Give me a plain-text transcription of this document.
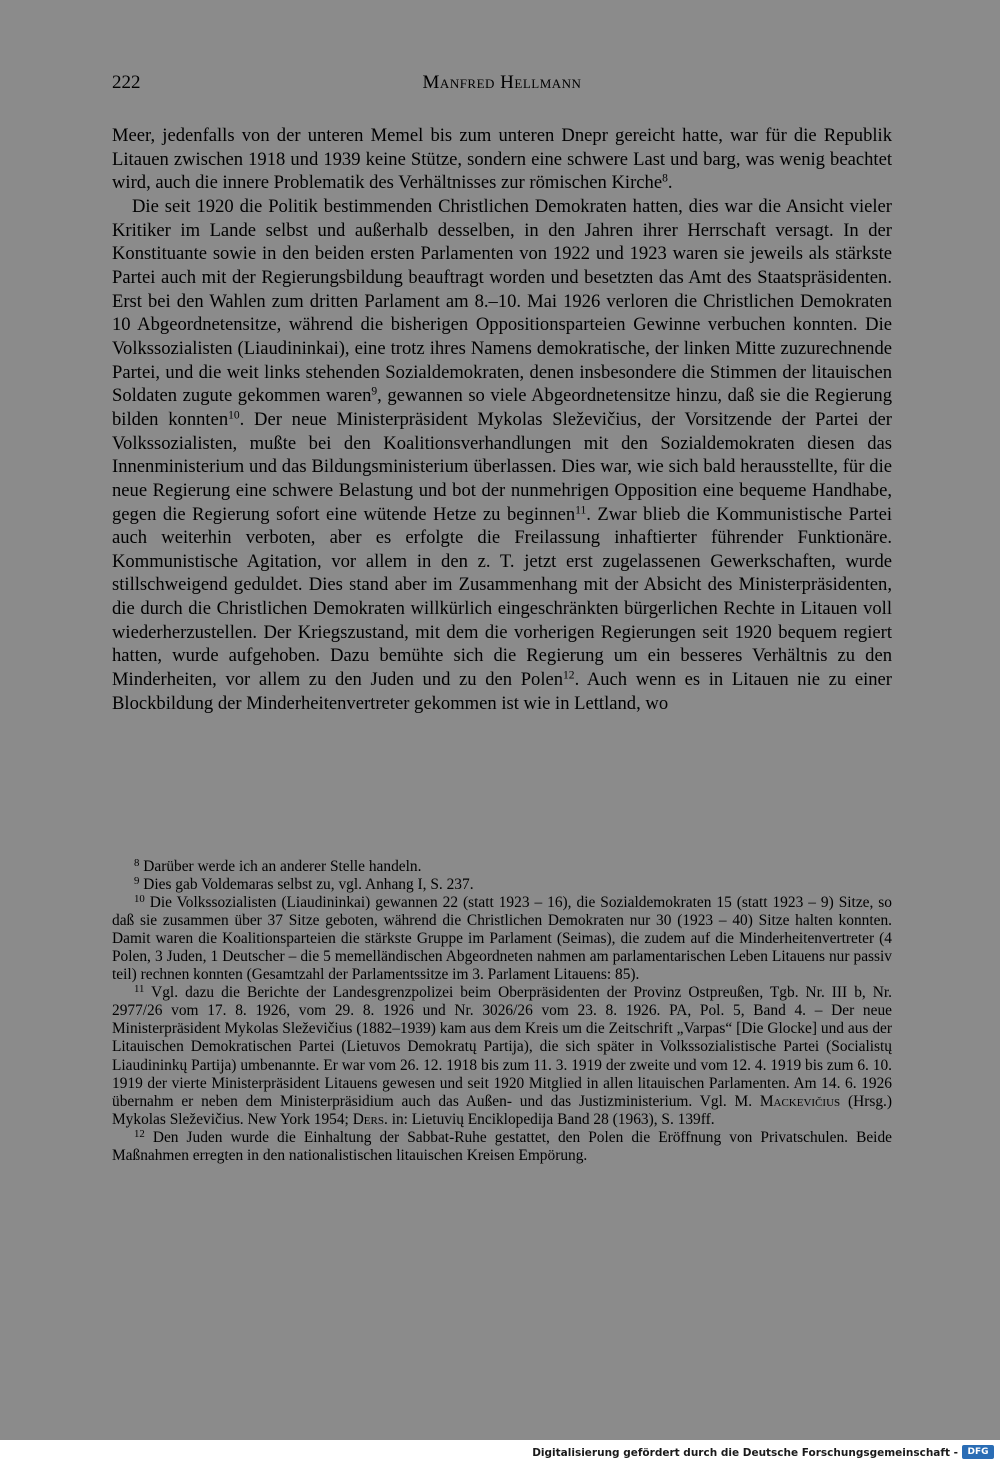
222	Manfred Hellmann

Meer, jedenfalls von der unteren Memel bis zum unteren Dnepr gereicht hatte, war für die Republik Litauen zwischen 1918 und 1939 keine Stütze, sondern eine schwere Last und barg, was wenig beachtet wird, auch die innere Problematik des Verhältnisses zur römischen Kirche$^8$.

Die seit 1920 die Politik bestimmenden Christlichen Demokraten hatten, dies war die Ansicht vieler Kritiker im Lande selbst und außerhalb desselben, in den Jahren ihrer Herrschaft versagt. In der Konstituante sowie in den beiden ersten Parlamenten von 1922 und 1923 waren sie jeweils als stärkste Partei auch mit der Regierungsbildung beauftragt worden und besetzten das Amt des Staatspräsidenten. Erst bei den Wahlen zum dritten Parlament am 8.–10. Mai 1926 verloren die Christlichen Demokraten 10 Abgeordnetensitze, während die bisherigen Oppositionsparteien Gewinne verbuchen konnten. Die Volkssozialisten (Liaudininkai), eine trotz ihres Namens demokratische, der linken Mitte zuzurechnende Partei, und die weit links stehenden Sozialdemokraten, denen insbesondere die Stimmen der litauischen Soldaten zugute gekommen waren$^9$, gewannen so viele Abgeordnetensitze hinzu, daß sie die Regierung bilden konnten$^{10}$. Der neue Ministerpräsident Mykolas Sleževičius, der Vorsitzende der Partei der Volkssozialisten, mußte bei den Koalitionsverhandlungen mit den Sozialdemokraten diesen das Innenministerium und das Bildungsministerium überlassen. Dies war, wie sich bald herausstellte, für die neue Regierung eine schwere Belastung und bot der nunmehrigen Opposition eine bequeme Handhabe, gegen die Regierung sofort eine wütende Hetze zu beginnen$^{11}$. Zwar blieb die Kommunistische Partei auch weiterhin verboten, aber es erfolgte die Freilassung inhaftierter führender Funktionäre. Kommunistische Agitation, vor allem in den z. T. jetzt erst zugelassenen Gewerkschaften, wurde stillschweigend geduldet. Dies stand aber im Zusammenhang mit der Absicht des Ministerpräsidenten, die durch die Christlichen Demokraten willkürlich eingeschränkten bürgerlichen Rechte in Litauen voll wiederherzustellen. Der Kriegszustand, mit dem die vorherigen Regierungen seit 1920 bequem regiert hatten, wurde aufgehoben. Dazu bemühte sich die Regierung um ein besseres Verhältnis zu den Minderheiten, vor allem zu den Juden und zu den Polen$^{12}$. Auch wenn es in Litauen nie zu einer Blockbildung der Minderheitenvertreter gekommen ist wie in Lettland, wo

$^8$ Darüber werde ich an anderer Stelle handeln.

$^9$ Dies gab Voldemaras selbst zu, vgl. Anhang I, S. 237.

$^{10}$ Die Volkssozialisten (Liaudininkai) gewannen 22 (statt 1923 – 16), die Sozialdemokraten 15 (statt 1923 – 9) Sitze, so daß sie zusammen über 37 Sitze geboten, während die Christlichen Demokraten nur 30 (1923 – 40) Sitze halten konnten. Damit waren die Koalitionsparteien die stärkste Gruppe im Parlament (Seimas), die zudem auf die Minderheitenvertreter (4 Polen, 3 Juden, 1 Deutscher – die 5 memelländischen Abgeordneten nahmen am parlamentarischen Leben Litauens nur passiv teil) rechnen konnten (Gesamtzahl der Parlamentssitze im 3. Parlament Litauens: 85).

$^{11}$ Vgl. dazu die Berichte der Landesgrenzpolizei beim Oberpräsidenten der Provinz Ostpreußen, Tgb. Nr. III b, Nr. 2977/26 vom 17. 8. 1926, vom 29. 8. 1926 und Nr. 3026/26 vom 23. 8. 1926. PA, Pol. 5, Band 4. – Der neue Ministerpräsident Mykolas Sleževičius (1882–1939) kam aus dem Kreis um die Zeitschrift „Varpas“ [Die Glocke] und aus der Litauischen Demokratischen Partei (Lietuvos Demokratų Partija), die sich später in Volkssozialistische Partei (Socialistų Liaudininkų Partija) umbenannte. Er war vom 26. 12. 1918 bis zum 11. 3. 1919 der zweite und vom 12. 4. 1919 bis zum 6. 10. 1919 der vierte Ministerpräsident Litauens gewesen und seit 1920 Mitglied in allen litauischen Parlamenten. Am 14. 6. 1926 übernahm er neben dem Ministerpräsidium auch das Außen- und das Justizministerium. Vgl. M. Mackevičius (Hrsg.) Mykolas Sleževičius. New York 1954; Ders. in: Lietuvių Enciklopedija Band 28 (1963), S. 139ff.

$^{12}$ Den Juden wurde die Einhaltung der Sabbat-Ruhe gestattet, den Polen die Eröffnung von Privatschulen. Beide Maßnahmen erregten in den nationalistischen litauischen Kreisen Empörung.

Digitalisierung gefördert durch die Deutsche Forschungsgemeinschaft -	DFG
